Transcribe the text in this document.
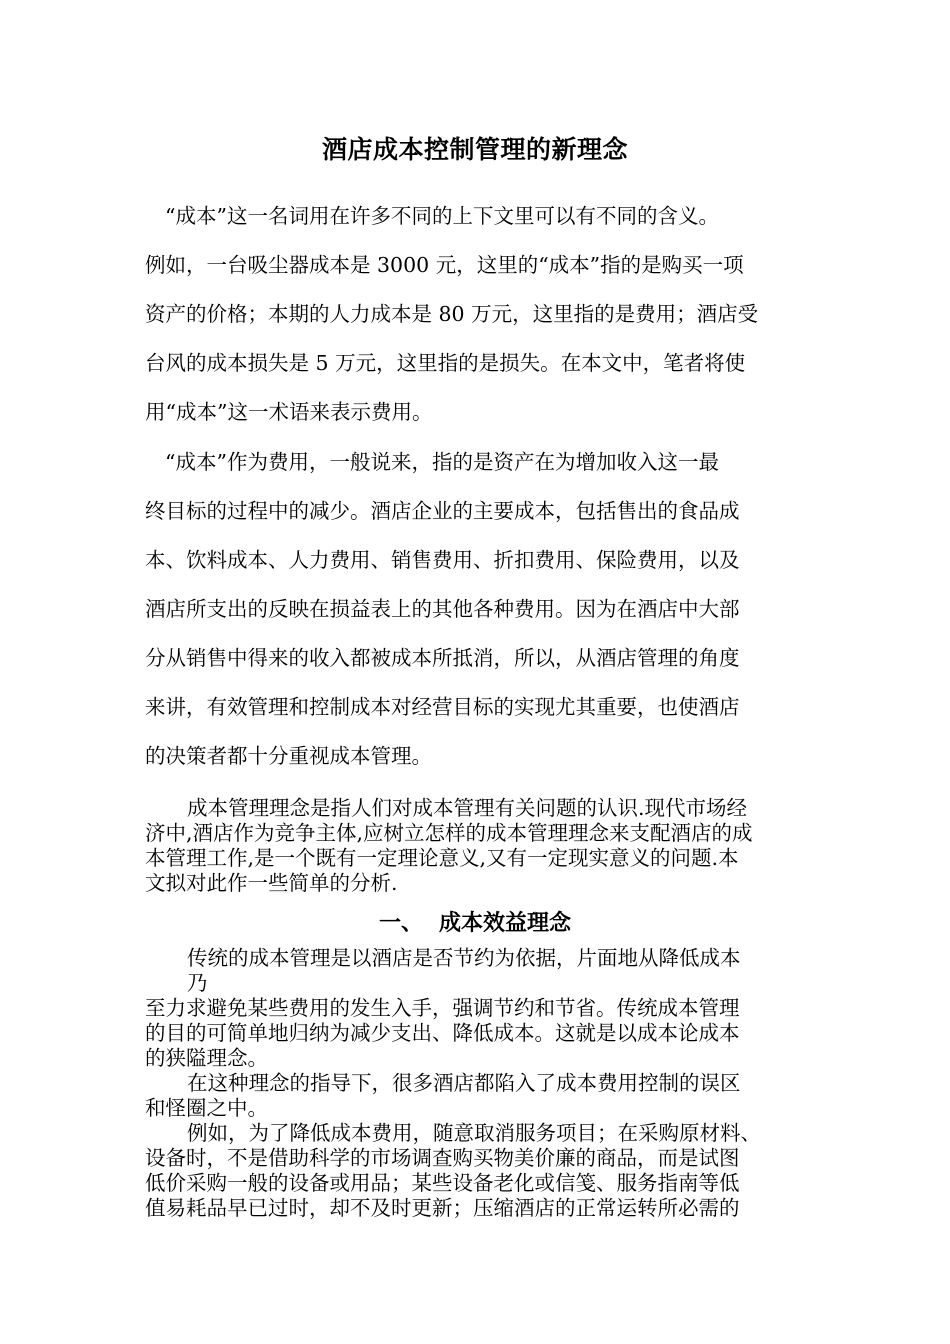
酒店成本控制管理的新理念
“成本”这一名词用在许多不同的上下文里可以有不同的含义。
例如，一台吸尘器成本是 3000 元，这里的“成本”指的是购买一项
资产的价格；本期的人力成本是 80 万元，这里指的是费用；酒店受
台风的成本损失是 5 万元，这里指的是损失。在本文中，笔者将使
用“成本”这一术语来表示费用。
“成本”作为费用，一般说来，指的是资产在为增加收入这一最
终目标的过程中的减少。酒店企业的主要成本，包括售出的食品成
本、饮料成本、人力费用、销售费用、折扣费用、保险费用，以及
酒店所支出的反映在损益表上的其他各种费用。因为在酒店中大部
分从销售中得来的收入都被成本所抵消，所以，从酒店管理的角度
来讲，有效管理和控制成本对经营目标的实现尤其重要，也使酒店
的决策者都十分重视成本管理。
成本管理理念是指人们对成本管理有关问题的认识.现代市场经
济中,酒店作为竞争主体,应树立怎样的成本管理理念来支配酒店的成
本管理工作,是一个既有一定理论意义,又有一定现实意义的问题.本
文拟对此作一些简单的分析.
一、 成本效益理念
传统的成本管理是以酒店是否节约为依据，片面地从降低成本
乃
至力求避免某些费用的发生入手，强调节约和节省。传统成本管理
的目的可简单地归纳为减少支出、降低成本。这就是以成本论成本
的狭隘理念。
在这种理念的指导下，很多酒店都陷入了成本费用控制的误区
和怪圈之中。
例如，为了降低成本费用，随意取消服务项目；在采购原材料、
设备时，不是借助科学的市场调查购买物美价廉的商品，而是试图
低价采购一般的设备或用品；某些设备老化或信笺、服务指南等低
值易耗品早已过时，却不及时更新；压缩酒店的正常运转所必需的
